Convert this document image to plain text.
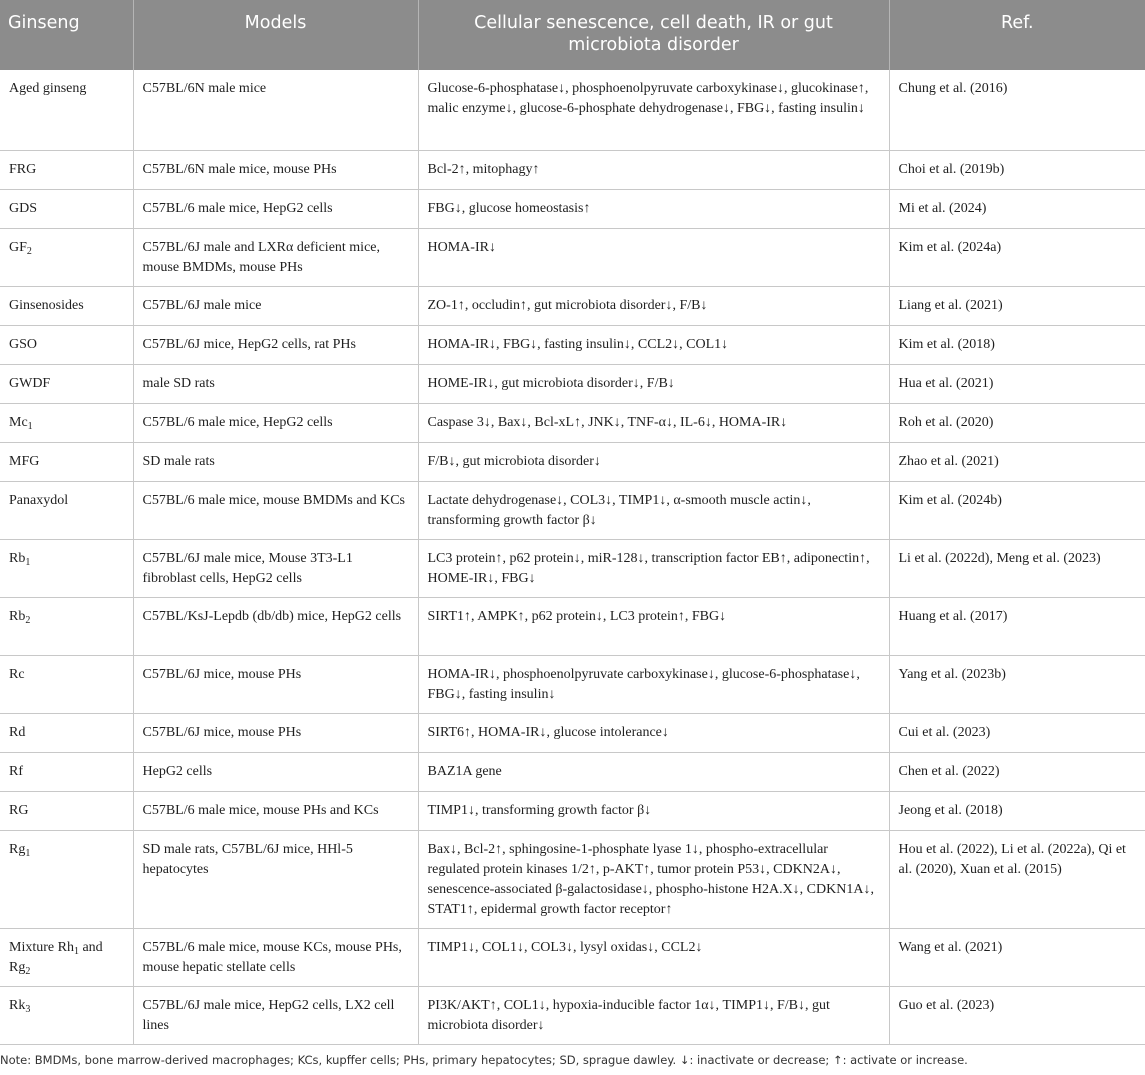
Ginseng	Models	Cellular senescence, cell death, IR or gut microbiota disorder	Ref.
Aged ginseng	C57BL/6N male mice	Glucose-6-phosphatase↓, phosphoenolpyruvate carboxykinase↓, glucokinase↑, malic enzyme↓, glucose-6-phosphate dehydrogenase↓, FBG↓, fasting insulin↓	Chung et al. (2016)
FRG	C57BL/6N male mice, mouse PHs	Bcl-2↑, mitophagy↑	Choi et al. (2019b)
GDS	C57BL/6 male mice, HepG2 cells	FBG↓, glucose homeostasis↑	Mi et al. (2024)
$GF_2$	C57BL/6J male and LXRα deficient mice, mouse BMDMs, mouse PHs	HOMA-IR↓	Kim et al. (2024a)
Ginsenosides	C57BL/6J male mice	ZO-1↑, occludin↑, gut microbiota disorder↓, F/B↓	Liang et al. (2021)
GSO	C57BL/6J mice, HepG2 cells, rat PHs	HOMA-IR↓, FBG↓, fasting insulin↓, CCL2↓, COL1↓	Kim et al. (2018)
GWDF	male SD rats	HOME-IR↓, gut microbiota disorder↓, F/B↓	Hua et al. (2021)
$Mc_1$	C57BL/6 male mice, HepG2 cells	Caspase 3↓, Bax↓, Bcl-xL↑, JNK↓, TNF-α↓, IL-6↓, HOMA-IR↓	Roh et al. (2020)
MFG	SD male rats	F/B↓, gut microbiota disorder↓	Zhao et al. (2021)
Panaxydol	C57BL/6 male mice, mouse BMDMs and KCs	Lactate dehydrogenase↓, COL3↓, TIMP1↓, α-smooth muscle actin↓, transforming growth factor β↓	Kim et al. (2024b)
$Rb_1$	C57BL/6J male mice, Mouse 3T3-L1 fibroblast cells, HepG2 cells	LC3 protein↑, p62 protein↓, miR-128↓, transcription factor EB↑, adiponectin↑, HOME-IR↓, FBG↓	Li et al. (2022d), Meng et al. (2023)
$Rb_2$	C57BL/KsJ-Lepdb (db/db) mice, HepG2 cells	SIRT1↑, AMPK↑, p62 protein↓, LC3 protein↑, FBG↓	Huang et al. (2017)
Rc	C57BL/6J mice, mouse PHs	HOMA-IR↓, phosphoenolpyruvate carboxykinase↓, glucose-6-phosphatase↓, FBG↓, fasting insulin↓	Yang et al. (2023b)
Rd	C57BL/6J mice, mouse PHs	SIRT6↑, HOMA-IR↓, glucose intolerance↓	Cui et al. (2023)
Rf	HepG2 cells	BAZ1A gene	Chen et al. (2022)
RG	C57BL/6 male mice, mouse PHs and KCs	TIMP1↓, transforming growth factor β↓	Jeong et al. (2018)
$Rg_1$	SD male rats, C57BL/6J mice, HHl-5 hepatocytes	Bax↓, Bcl-2↑, sphingosine-1-phosphate lyase 1↓, phospho-extracellular regulated protein kinases 1/2↑, p-AKT↑, tumor protein P53↓, CDKN2A↓, senescence-associated β-galactosidase↓, phospho-histone H2A.X↓, CDKN1A↓, STAT1↑, epidermal growth factor receptor↑	Hou et al. (2022), Li et al. (2022a), Qi et al. (2020), Xuan et al. (2015)
Mixture $Rh_1$ and $Rg_2$	C57BL/6 male mice, mouse KCs, mouse PHs, mouse hepatic stellate cells	TIMP1↓, COL1↓, COL3↓, lysyl oxidas↓, CCL2↓	Wang et al. (2021)
$Rk_3$	C57BL/6J male mice, HepG2 cells, LX2 cell lines	PI3K/AKT↑, COL1↓, hypoxia-inducible factor 1α↓, TIMP1↓, F/B↓, gut microbiota disorder↓	Guo et al. (2023)
Note: BMDMs, bone marrow-derived macrophages; KCs, kupffer cells; PHs, primary hepatocytes; SD, sprague dawley. ↓: inactivate or decrease; ↑: activate or increase.
